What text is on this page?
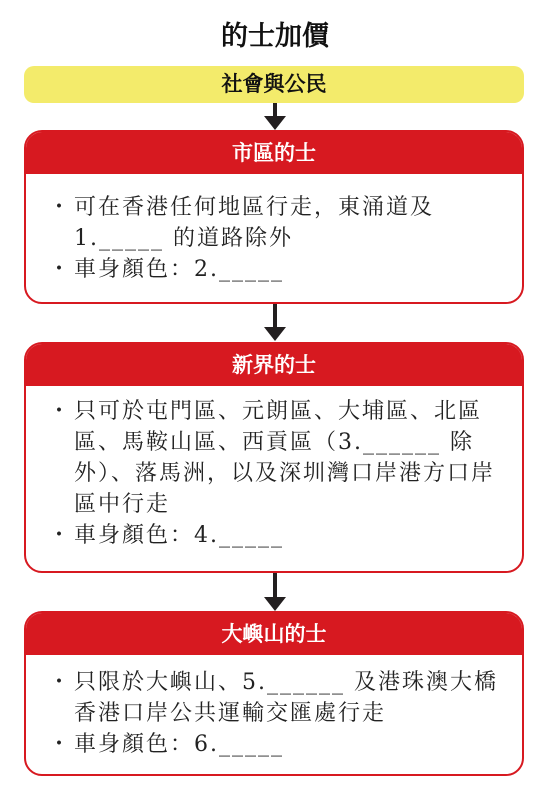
的士加價
社會與公民
市區的士
・ 可在香港任何地區行走，東涌道及1._____ 的道路除外
・ 車身顏色：2._____
新界的士
・ 只可於屯門區、元朗區、大埔區、北區區、馬鞍山區、西貢區（3.______ 除外）、落馬洲，以及深圳灣口岸港方口岸區中行走
・ 車身顏色：4._____
大嶼山的士
・ 只限於大嶼山、5.______ 及港珠澳大橋香港口岸公共運輸交匯處行走
・ 車身顏色：6._____
